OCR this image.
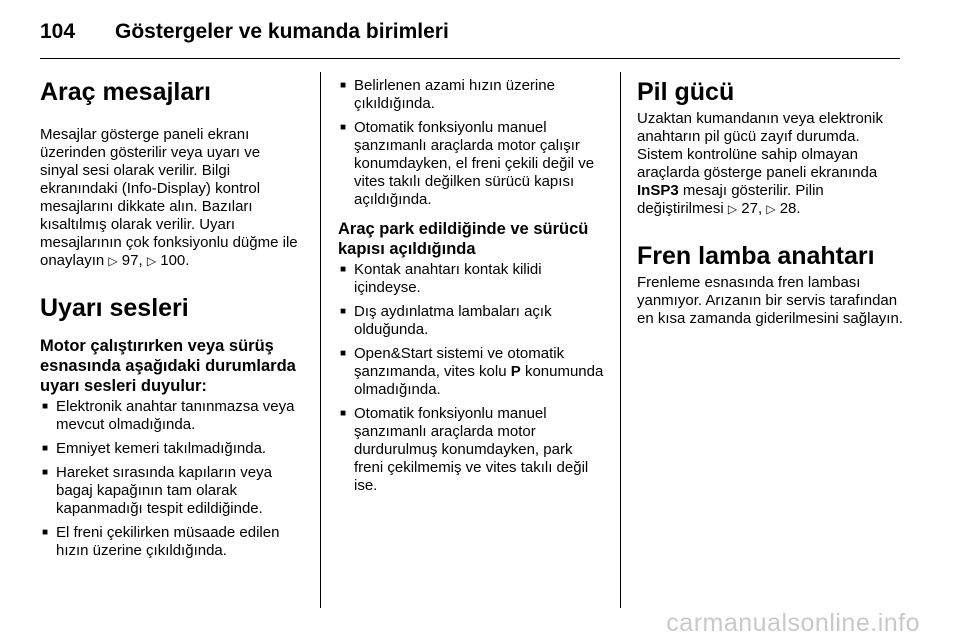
104 Göstergeler ve kumanda birimleri
Araç mesajları

Mesajlar gösterge paneli ekranı üzerinden gösterilir veya uyarı ve sinyal sesi olarak verilir. Bilgi ekranındaki (Info-Display) kontrol mesajlarını dikkate alın. Bazıları kısaltılmış olarak verilir. Uyarı mesajlarının çok fonksiyonlu düğme ile onaylayın ▷ 97, ▷ 100.

Uyarı sesleri
Motor çalıştırırken veya sürüş esnasında aşağıdaki durumlarda uyarı sesleri duyulur:
■ Elektronik anahtar tanınmazsa veya mevcut olmadığında.
■ Emniyet kemeri takılmadığında.
■ Hareket sırasında kapıların veya bagaj kapağının tam olarak kapanmadığı tespit edildiğinde.
■ El freni çekilirken müsaade edilen hızın üzerine çıkıldığında.
■ Belirlenen azami hızın üzerine çıkıldığında.
■ Otomatik fonksiyonlu manuel şanzımanlı araçlarda motor çalışır konumdayken, el freni çekili değil ve vites takılı değilken sürücü kapısı açıldığında.
Araç park edildiğinde ve sürücü kapısı açıldığında
■ Kontak anahtarı kontak kilidi içindeyse.
■ Dış aydınlatma lambaları açık olduğunda.
■ Open&Start sistemi ve otomatik şanzımanda, vites kolu P konumunda olmadığında.
■ Otomatik fonksiyonlu manuel şanzımanlı araçlarda motor durdurulmuş konumdayken, park freni çekilmemiş ve vites takılı değil ise.
Pil gücü

Uzaktan kumandanın veya elektronik anahtarın pil gücü zayıf durumda. Sistem kontrolüne sahip olmayan araçlarda gösterge paneli ekranında InSP3 mesajı gösterilir. Pilin değiştirilmesi ▷ 27, ▷ 28.

Fren lamba anahtarı

Frenleme esnasında fren lambası yanmıyor. Arızanın bir servis tarafından en kısa zamanda giderilmesini sağlayın.

carmanualsonline.info
